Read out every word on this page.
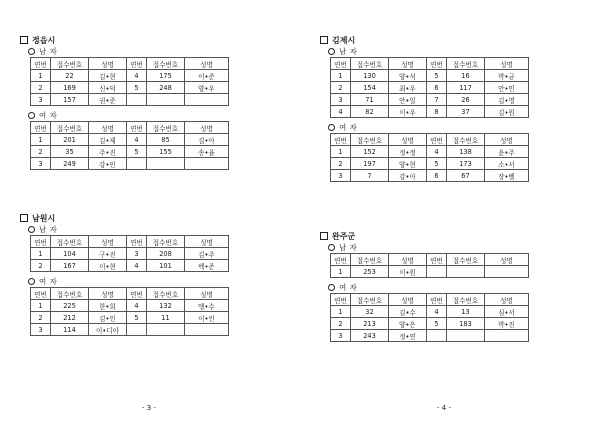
정읍시
남 자
연번	접수번호	성명	연번	접수번호	성명
1	22	김•현	4	175	이•준
2	169	신•덕	5	248	양•우
3	157	권•준			
여 자
연번	접수번호	성명	연번	접수번호	성명
1	201	김•제	4	85	김•아
2	35	주•진	5	155	송•율
3	249	강•인			
남원시
남 자
연번	접수번호	성명	연번	접수번호	성명
1	104	구•진	3	208	김•주
2	167	이•현	4	101	백•준
여 자
연번	접수번호	성명	연번	접수번호	성명
1	225	한•희	4	132	맹•수
2	212	김•인	5	11	이•인
3	114	이•디아			
- 3 -
김제시
남 자
연번	접수번호	성명	연번	접수번호	성명
1	130	양•석	5	16	박•균
2	154	최•우	6	117	안•민
3	71	안•일	7	26	김•영
4	82	이•우	8	37	김•원
여 자
연번	접수번호	성명	연번	접수번호	성명
1	152	정•정	4	138	윤•주
2	197	양•현	5	173	소•서
3	7	강•아	6	67	장•벨
완주군
남 자
연번	접수번호	성명	연번	접수번호	성명
1	253	이•원			
여 자
연번	접수번호	성명	연번	접수번호	성명
1	32	김•수	4	13	심•서
2	213	양•은	5	183	박•진
3	243	정•연			
- 4 -
